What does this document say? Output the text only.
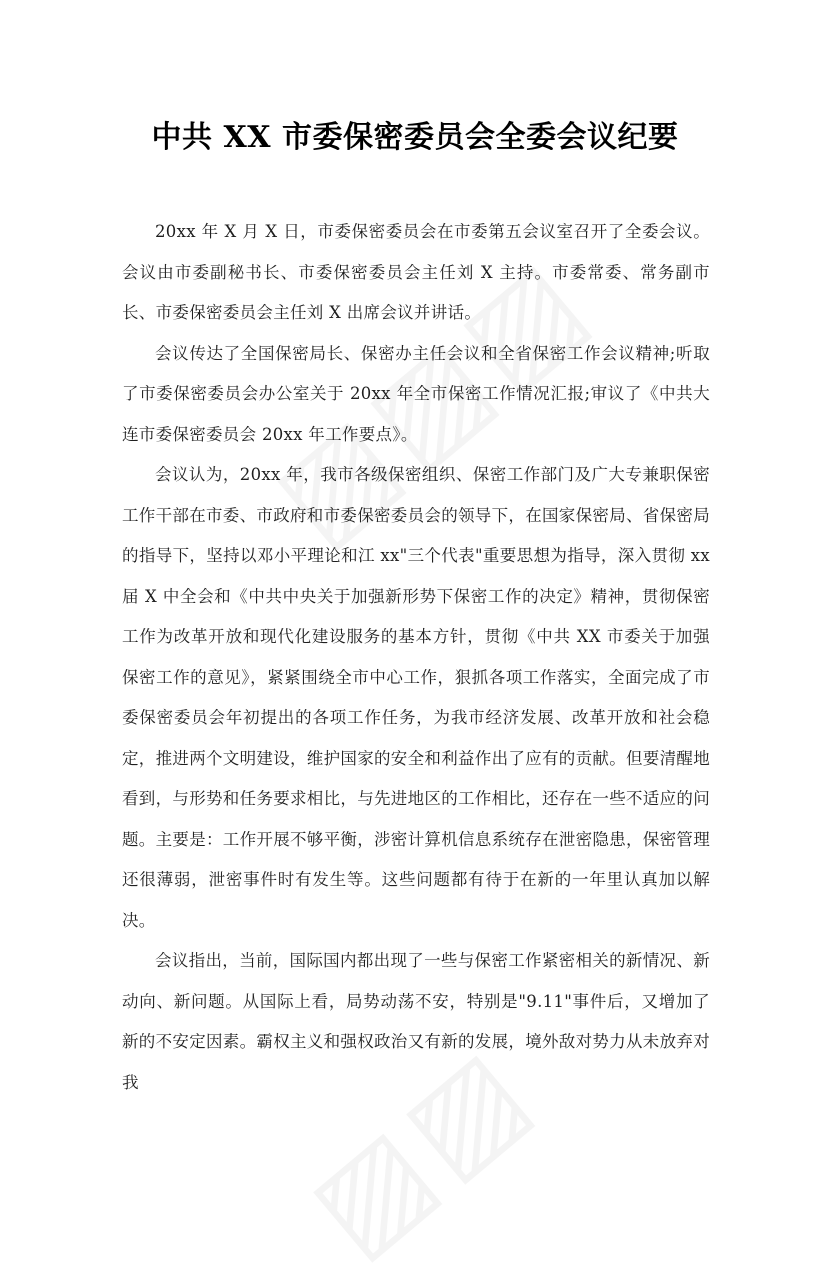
中共 XX 市委保密委员会全委会议纪要

20xx 年 X 月 X 日，市委保密委员会在市委第五会议室召开了全委会议。会议由市委副秘书长、市委保密委员会主任刘 X 主持。市委常委、常务副市长、市委保密委员会主任刘 X 出席会议并讲话。

会议传达了全国保密局长、保密办主任会议和全省保密工作会议精神;听取了市委保密委员会办公室关于 20xx 年全市保密工作情况汇报;审议了《中共大连市委保密委员会 20xx 年工作要点》。

会议认为，20xx 年，我市各级保密组织、保密工作部门及广大专兼职保密工作干部在市委、市政府和市委保密委员会的领导下，在国家保密局、省保密局的指导下，坚持以邓小平理论和江 xx"三个代表"重要思想为指导，深入贯彻 xx 届 X 中全会和《中共中央关于加强新形势下保密工作的决定》精神，贯彻保密工作为改革开放和现代化建设服务的基本方针，贯彻《中共 XX 市委关于加强保密工作的意见》，紧紧围绕全市中心工作，狠抓各项工作落实，全面完成了市委保密委员会年初提出的各项工作任务，为我市经济发展、改革开放和社会稳定，推进两个文明建设，维护国家的安全和利益作出了应有的贡献。但要清醒地看到，与形势和任务要求相比，与先进地区的工作相比，还存在一些不适应的问题。主要是：工作开展不够平衡，涉密计算机信息系统存在泄密隐患，保密管理还很薄弱，泄密事件时有发生等。这些问题都有待于在新的一年里认真加以解决。

会议指出，当前，国际国内都出现了一些与保密工作紧密相关的新情况、新动向、新问题。从国际上看，局势动荡不安，特别是"9.11"事件后，又增加了新的不安定因素。霸权主义和强权政治又有新的发展，境外敌对势力从未放弃对我
